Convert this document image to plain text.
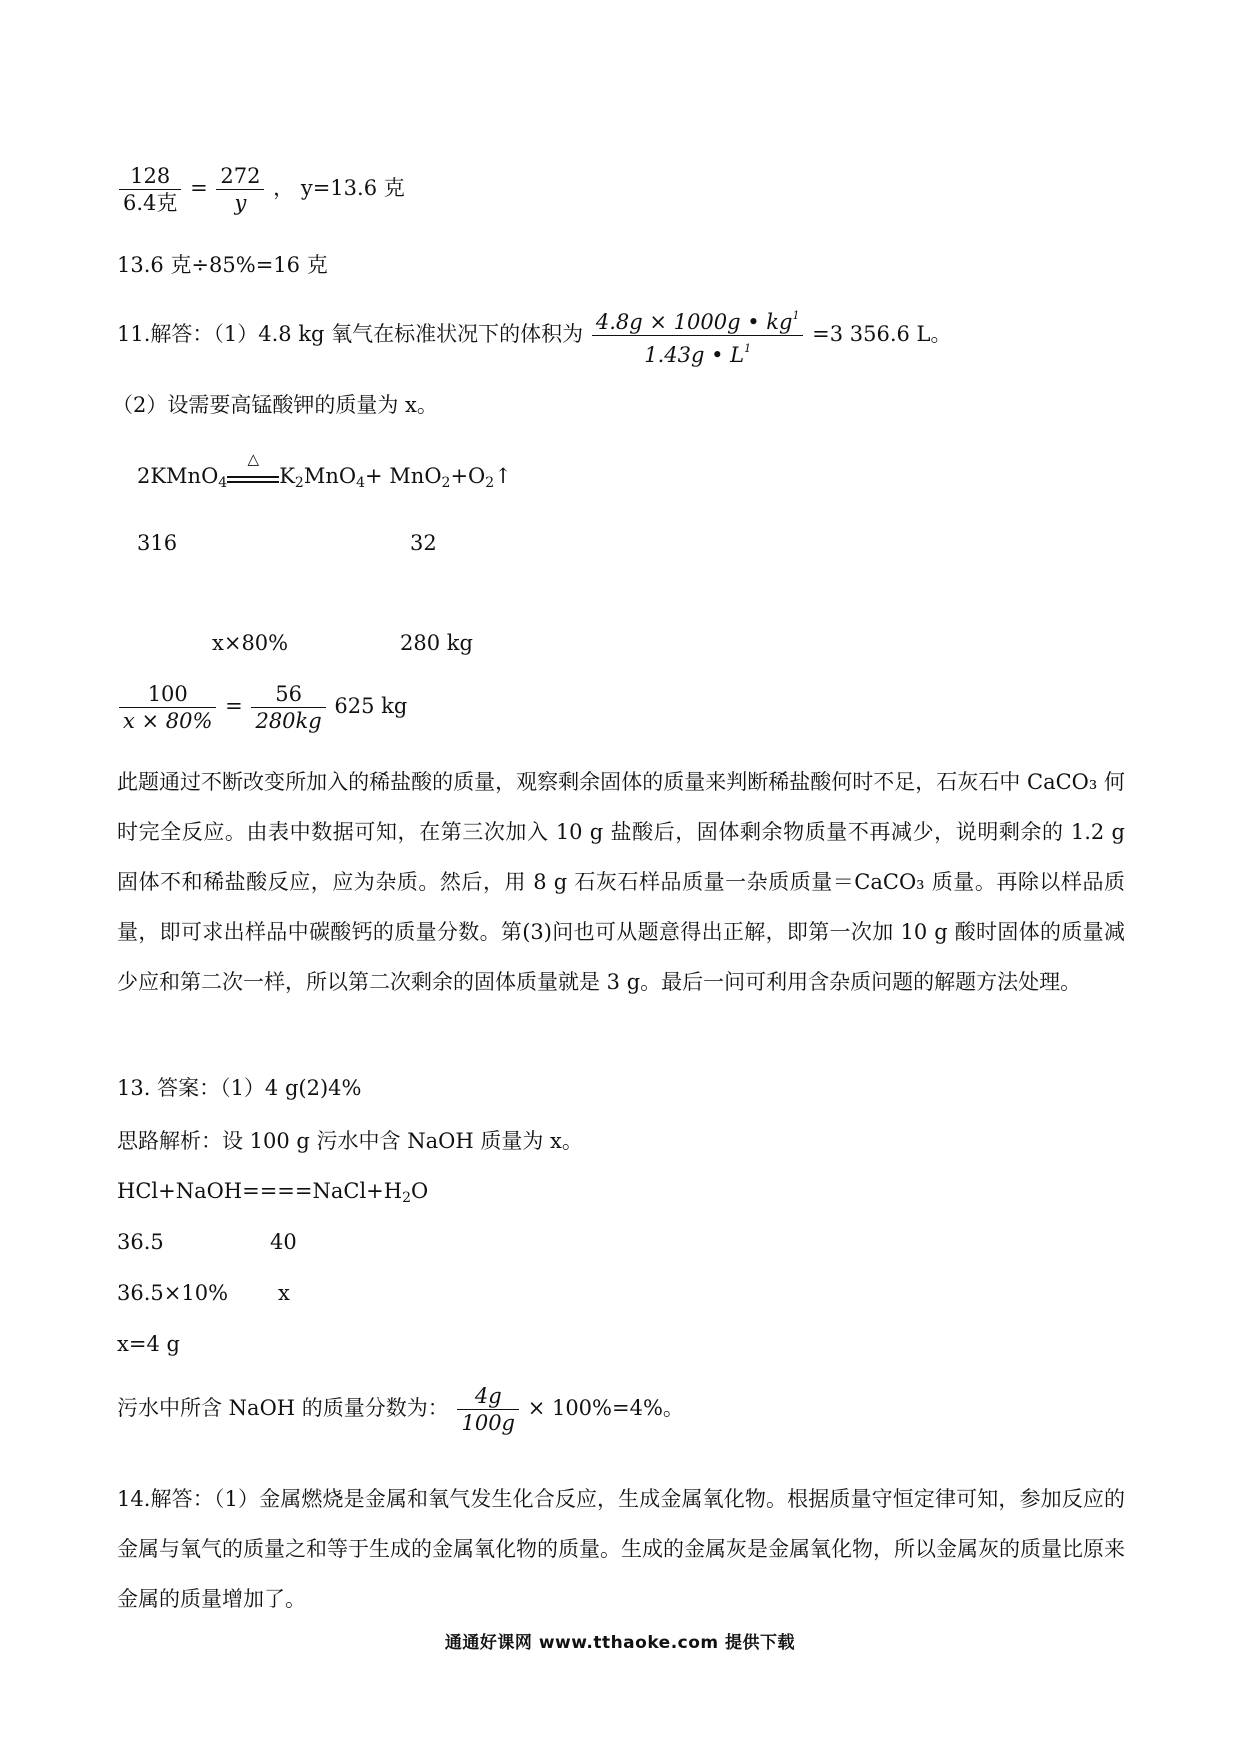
$\frac{128}{\text{6.4克}} = \frac{272}{y}$ ， y=13.6 克
13.6 克÷85%=16 克
11.解答：（1）4.8 kg 氧气在标准状况下的体积为 $\frac{4.8g \times 1000g • kg^1}{1.43g • L^1} =3$ 356.6 L。
（2）设需要高锰酸钾的质量为 x。
2KMnO$_4$
△
$K_2MnO_4+$ $MnO_2+O_2↑$
316	32
x×80%	280 kg
$\frac{100}{x \times 80\%} = \frac{56}{280kg} 625$ kg
此题通过不断改变所加入的稀盐酸的质量，观察剩余固体的质量来判断稀盐酸何时不足，石灰石中 CaCO₃ 何时完全反应。由表中数据可知，在第三次加入 10 g 盐酸后，固体剩余物质量不再减少，说明剩余的 1.2 g 固体不和稀盐酸反应，应为杂质。然后，用 8 g 石灰石样品质量一杂质质量＝CaCO₃ 质量。再除以样品质量，即可求出样品中碳酸钙的质量分数。第(3)问也可从题意得出正解，即第一次加 10 g 酸时固体的质量减少应和第二次一样，所以第二次剩余的固体质量就是 3 g。最后一问可利用含杂质问题的解题方法处理。
13. 答案：（1）4 g(2)4%
思路解析：设 100 g 污水中含 NaOH 质量为 x。
$HCl+NaOH====NaCl+H_2O$
36.5	40
36.5×10% x
x=4 g
污水中所含 NaOH 的质量分数为： $\frac{4g}{100g} \times 100\%=4\%$。
14.解答：（1）金属燃烧是金属和氧气发生化合反应，生成金属氧化物。根据质量守恒定律可知，参加反应的金属与氧气的质量之和等于生成的金属氧化物的质量。生成的金属灰是金属氧化物，所以金属灰的质量比原来金属的质量增加了。
通通好课网 www.tthaoke.com 提供下载
